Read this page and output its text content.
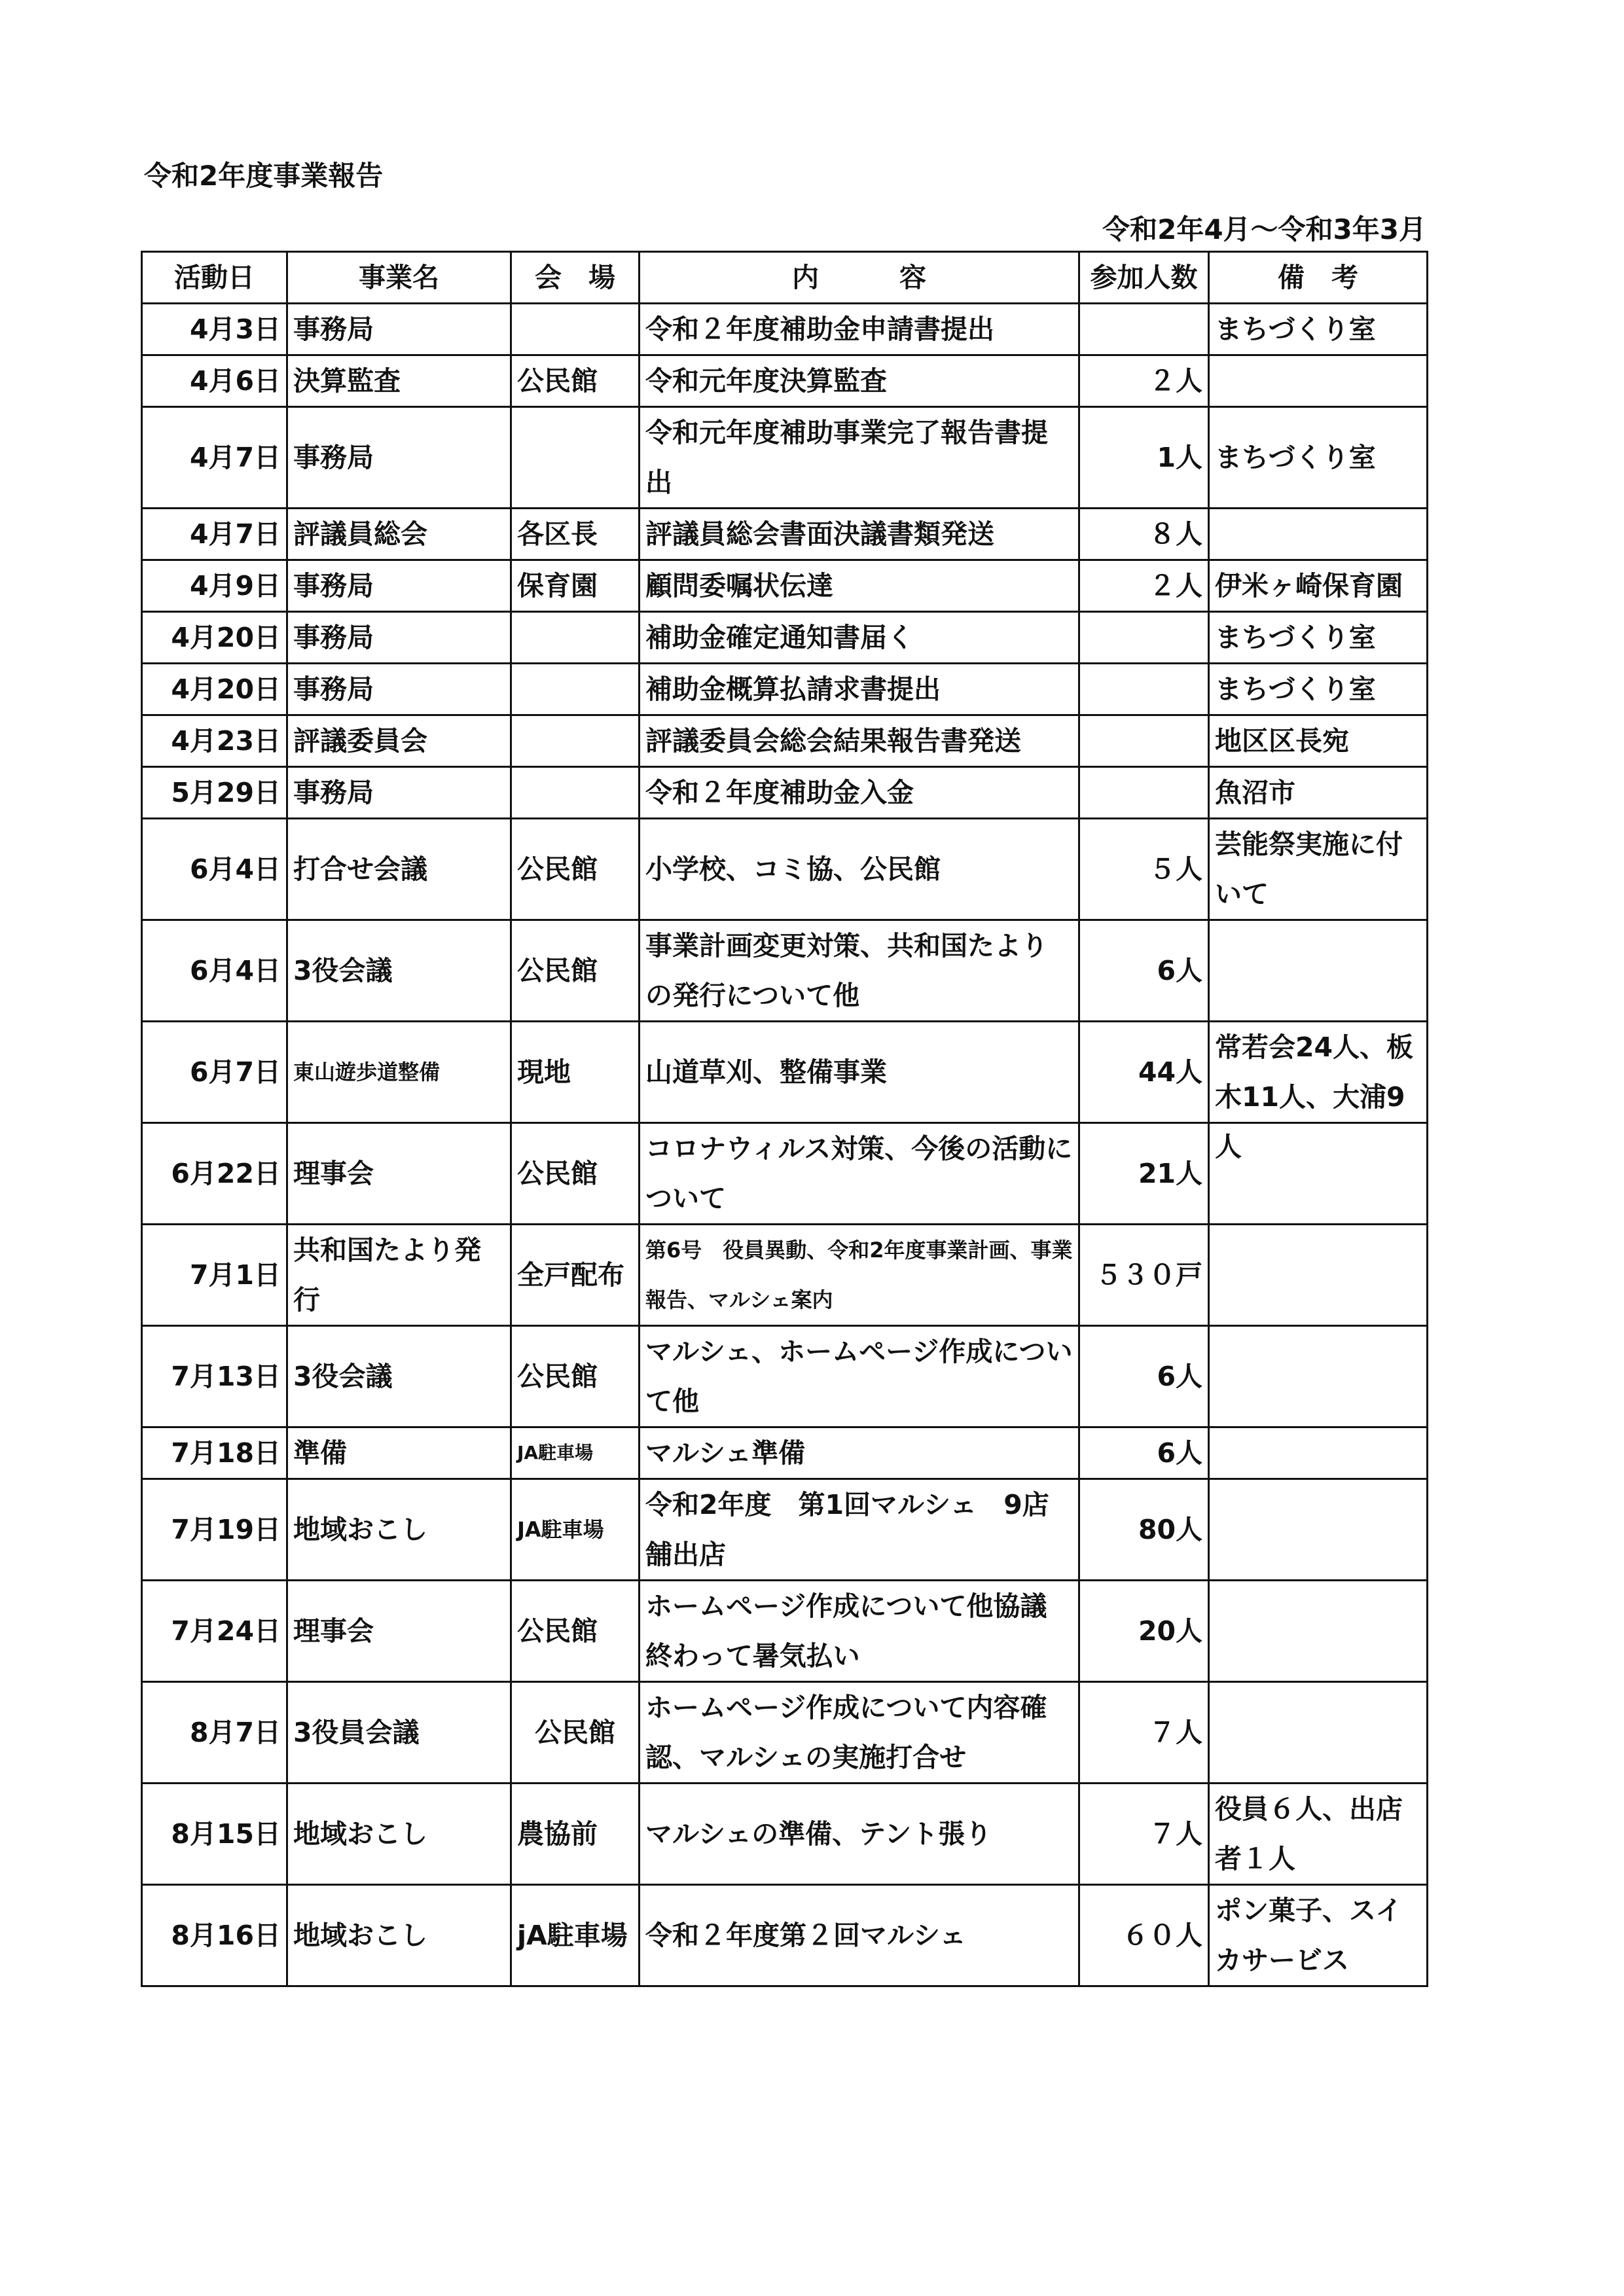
令和2年度事業報告
令和2年4月～令和3年3月
活動日	事業名	会　場	内　　　容	参加人数	備　考
4月3日	事務局		令和２年度補助金申請書提出		まちづくり室
4月6日	決算監査	公民館	令和元年度決算監査	２人	
4月7日	事務局		令和元年度補助事業完了報告書提出	1人	まちづくり室
4月7日	評議員総会	各区長	評議員総会書面決議書類発送	８人	
4月9日	事務局	保育園	顧問委嘱状伝達	２人	伊米ヶ崎保育園
4月20日	事務局		補助金確定通知書届く		まちづくり室
4月20日	事務局		補助金概算払請求書提出		まちづくり室
4月23日	評議委員会		評議委員会総会結果報告書発送		地区区長宛
5月29日	事務局		令和２年度補助金入金		魚沼市
6月4日	打合せ会議	公民館	小学校、コミ協、公民館	５人	芸能祭実施に付いて
6月4日	3役会議	公民館	事業計画変更対策、共和国たよりの発行について他	6人	
6月7日	東山遊歩道整備	現地	山道草刈、整備事業	44人	常若会24人、板木11人、大浦9人

6月22日	理事会	公民館	コロナウィルス対策、今後の活動について	21人	
7月1日	共和国たより発行	全戸配布	第6号　役員異動、令和2年度事業計画、事業報告、マルシェ案内	５３０戸	
7月13日	3役会議	公民館	マルシェ、ホームページ作成について他	6人	
7月18日	準備	JA駐車場	マルシェ準備	6人	
7月19日	地域おこし	JA駐車場	令和2年度　第1回マルシェ　9店舗出店	80人	
7月24日	理事会	公民館	ホームページ作成について他協議終わって暑気払い	20人	
8月7日	3役員会議	公民館	ホームページ作成について内容確認、マルシェの実施打合せ	７人	
8月15日	地域おこし	農協前	マルシェの準備、テント張り	７人	役員６人、出店者１人
8月16日	地域おこし	jA駐車場	令和２年度第２回マルシェ	６０人	ポン菓子、スイカサービス
